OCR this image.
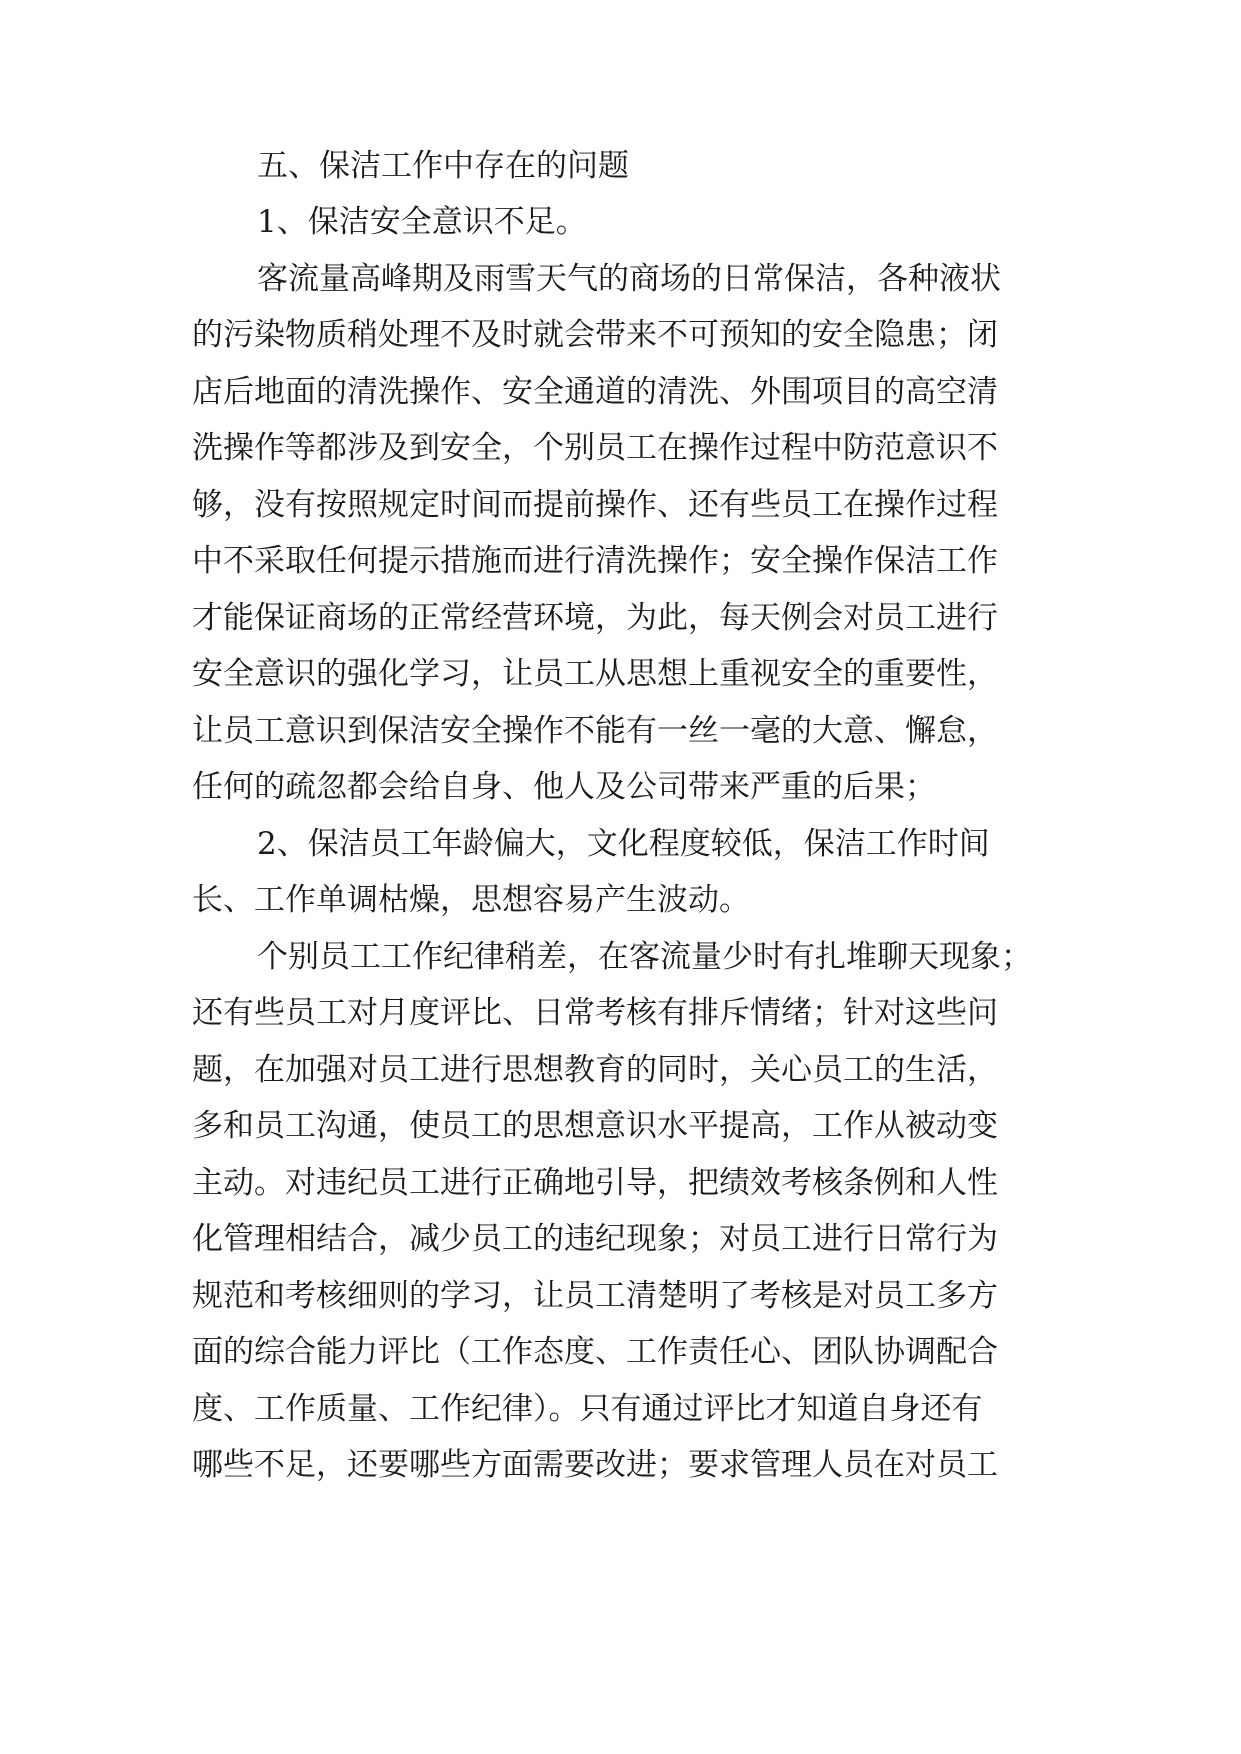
五、保洁工作中存在的问题
1、保洁安全意识不足。
客流量高峰期及雨雪天气的商场的日常保洁，各种液状
的污染物质稍处理不及时就会带来不可预知的安全隐患；闭
店后地面的清洗操作、安全通道的清洗、外围项目的高空清
洗操作等都涉及到安全，个别员工在操作过程中防范意识不
够，没有按照规定时间而提前操作、还有些员工在操作过程
中不采取任何提示措施而进行清洗操作；安全操作保洁工作
才能保证商场的正常经营环境，为此，每天例会对员工进行
安全意识的强化学习，让员工从思想上重视安全的重要性，
让员工意识到保洁安全操作不能有一丝一毫的大意、懈怠，
任何的疏忽都会给自身、他人及公司带来严重的后果；
2、保洁员工年龄偏大，文化程度较低，保洁工作时间
长、工作单调枯燥，思想容易产生波动。
个别员工工作纪律稍差，在客流量少时有扎堆聊天现象；
还有些员工对月度评比、日常考核有排斥情绪；针对这些问
题，在加强对员工进行思想教育的同时，关心员工的生活，
多和员工沟通，使员工的思想意识水平提高，工作从被动变
主动。对违纪员工进行正确地引导，把绩效考核条例和人性
化管理相结合，减少员工的违纪现象；对员工进行日常行为
规范和考核细则的学习，让员工清楚明了考核是对员工多方
面的综合能力评比（工作态度、工作责任心、团队协调配合
度、工作质量、工作纪律）。只有通过评比才知道自身还有
哪些不足，还要哪些方面需要改进；要求管理人员在对员工
